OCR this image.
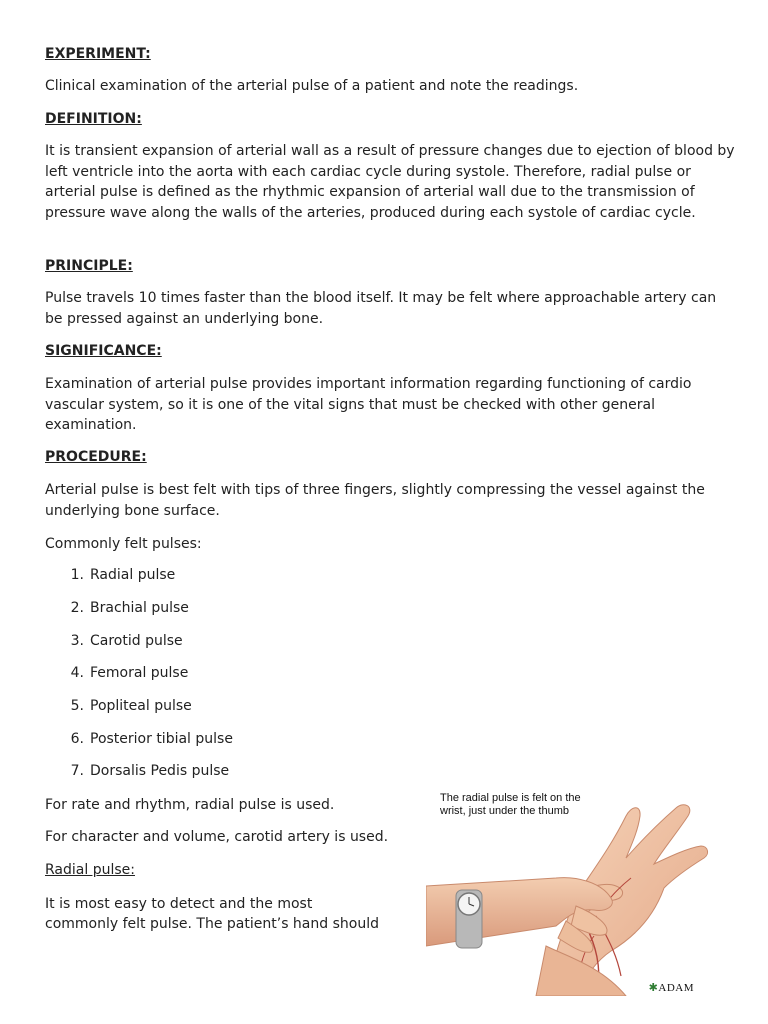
EXPERIMENT:

Clinical examination of the arterial pulse of a patient and note the readings.

DEFINITION:

It is transient expansion of arterial wall as a result of pressure changes due to ejection of blood by left ventricle into the aorta with each cardiac cycle during systole. Therefore, radial pulse or arterial pulse is defined as the rhythmic expansion of arterial wall due to the transmission of pressure wave along the walls of the arteries, produced during each systole of cardiac cycle.

PRINCIPLE:

Pulse travels 10 times faster than the blood itself. It may be felt where approachable artery can be pressed against an underlying bone.

SIGNIFICANCE:

Examination of arterial pulse provides important information regarding functioning of cardio vascular system, so it is one of the vital signs that must be checked with other general examination.

PROCEDURE:

Arterial pulse is best felt with tips of three fingers, slightly compressing the vessel against the underlying bone surface.

Commonly felt pulses:

1. Radial pulse
2. Brachial pulse
3. Carotid pulse
4. Femoral pulse
5. Popliteal pulse
6. Posterior tibial pulse
7. Dorsalis Pedis pulse

For rate and rhythm, radial pulse is used.

For character and volume, carotid artery is used.

Radial pulse:

It is most easy to detect and the most

commonly felt pulse. The patient’s hand should

The radial pulse is felt on the
wrist, just under the thumb
✱ADAM
